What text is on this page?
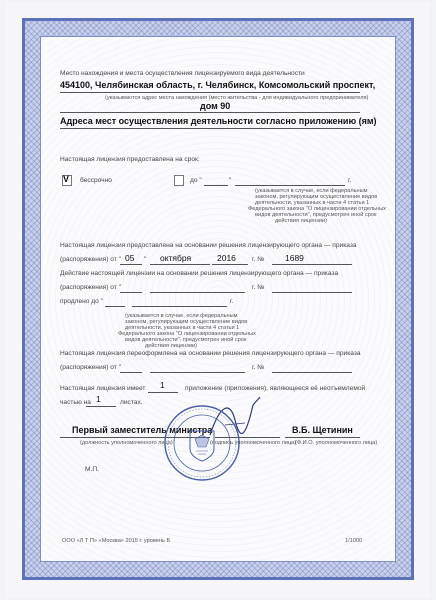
Место нахождения и места осуществления лицензируемого вида деятельности
454100, Челябинская область, г. Челябинск, Комсомольский проспект,
(указываются адрес места нахождения (место жительства - для индивидуального предпринимателя)
дом 90
Адреса мест осуществления деятельности согласно приложению (ям)
Настоящая лицензия предоставлена на срок:
V бессрочно	до "	"	г.
(указывается в случае, если федеральным
законом, регулирующим осуществление видов
деятельности, указанных в части 4 статьи 1
Федерального закона "О лицензировании отдельных
видов деятельности", предусмотрен иной срок
действия лицензии)
Настоящая лицензия предоставлена на основании решения лицензирующего органа — приказа
(распоряжения) от " 05 " октября	2016 г. № 1689
Действие настоящей лицензии на основании решения лицензирующего органа — приказа
(распоряжения) от "	г. №
продлено до "	г.
(указывается в случае, если федеральным
законом, регулирующим осуществление видов
деятельности, указанных в части 4 статьи 1
Федерального закона "О лицензировании отдельных
видов деятельности", предусмотрен иной срок
действия лицензии)
Настоящая лицензия переоформлена на основании решения лицензирующего органа — приказа
(распоряжения) от "	г. №
Настоящая лицензия имеет 1	приложение (приложения), являющееся её неотъемлемой
частью на 1	листах.
Первый заместитель министра
(должность уполномоченного лица)	(подпись уполномоченного лица)
В.Б. Щетинин
(Ф.И.О. уполномоченного лица)
М.П.
ООО «Л Т П» «Москва» 2015 г. уровень Б	1/1000
